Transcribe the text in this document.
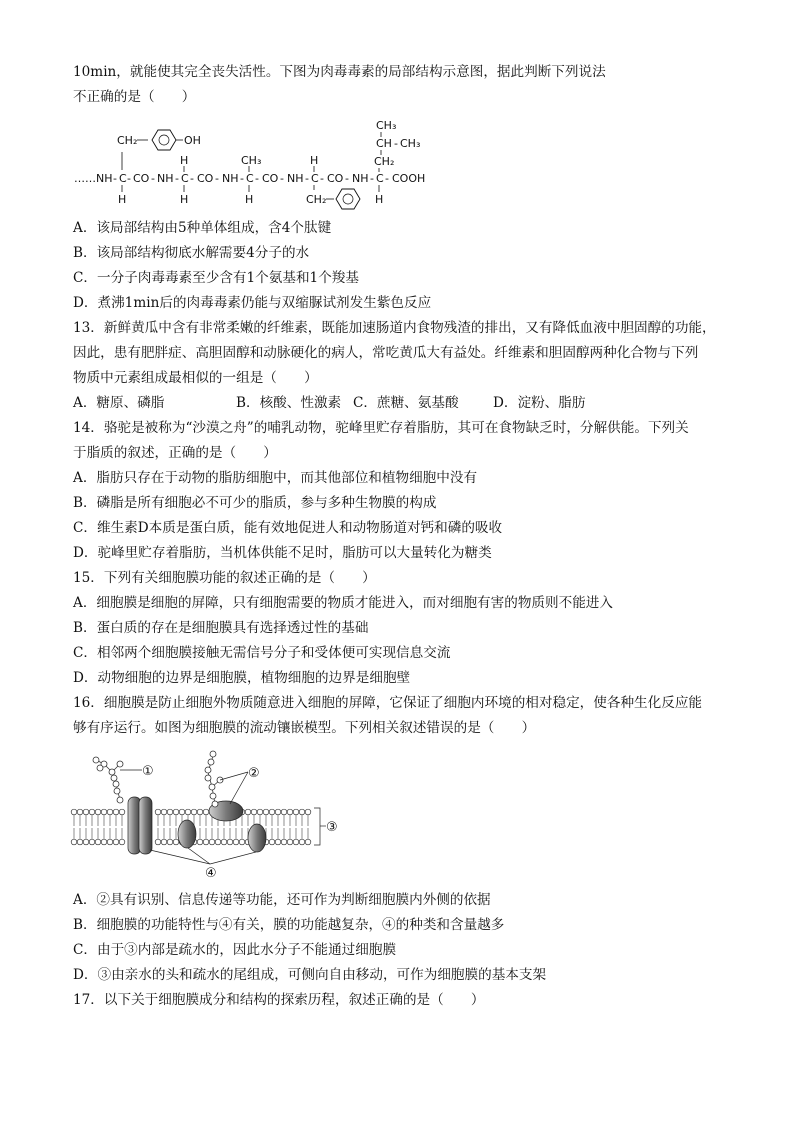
10min，就能使其完全丧失活性。下图为肉毒毒素的局部结构示意图，据此判断下列说法
不正确的是（　　）
……NH - C
CH₂	OH
H
- CO - NH - C
H
H
- CO - NH - C
CH₃
H
- CO - NH - C
H
CH₂
- CO - NH - C
CH₃
CH - CH₃
CH₂
H
- COOH
A．该局部结构由5种单体组成，含4个肽键
B．该局部结构彻底水解需要4分子的水
C．一分子肉毒毒素至少含有1个氨基和1个羧基
D．煮沸1min后的肉毒毒素仍能与双缩脲试剂发生紫色反应
13．新鲜黄瓜中含有非常柔嫩的纤维素，既能加速肠道内食物残渣的排出，又有降低血液中胆固醇的功能，
因此，患有肥胖症、高胆固醇和动脉硬化的病人，常吃黄瓜大有益处。纤维素和胆固醇两种化合物与下列
物质中元素组成最相似的一组是（　　）
A．糖原、磷脂	B．核酸、性激素 C．蔗糖、氨基酸	D．淀粉、脂肪
14．骆驼是被称为“沙漠之舟”的哺乳动物，驼峰里贮存着脂肪，其可在食物缺乏时，分解供能。下列关
于脂质的叙述，正确的是（　　）
A．脂肪只存在于动物的脂肪细胞中，而其他部位和植物细胞中没有
B．磷脂是所有细胞必不可少的脂质，参与多种生物膜的构成
C．维生素D本质是蛋白质，能有效地促进人和动物肠道对钙和磷的吸收
D．驼峰里贮存着脂肪，当机体供能不足时，脂肪可以大量转化为糖类
15．下列有关细胞膜功能的叙述正确的是（　　）
A．细胞膜是细胞的屏障，只有细胞需要的物质才能进入，而对细胞有害的物质则不能进入
B．蛋白质的存在是细胞膜具有选择透过性的基础
C．相邻两个细胞膜接触无需信号分子和受体便可实现信息交流
D．动物细胞的边界是细胞膜，植物细胞的边界是细胞壁
16．细胞膜是防止细胞外物质随意进入细胞的屏障，它保证了细胞内环境的相对稳定，使各种生化反应能
够有序运行。如图为细胞膜的流动镶嵌模型。下列相关叙述错误的是（　　）
①	②
③
④
A．②具有识别、信息传递等功能，还可作为判断细胞膜内外侧的依据
B．细胞膜的功能特性与④有关，膜的功能越复杂，④的种类和含量越多
C．由于③内部是疏水的，因此水分子不能通过细胞膜
D．③由亲水的头和疏水的尾组成，可侧向自由移动，可作为细胞膜的基本支架
17．以下关于细胞膜成分和结构的探索历程，叙述正确的是（　　）
